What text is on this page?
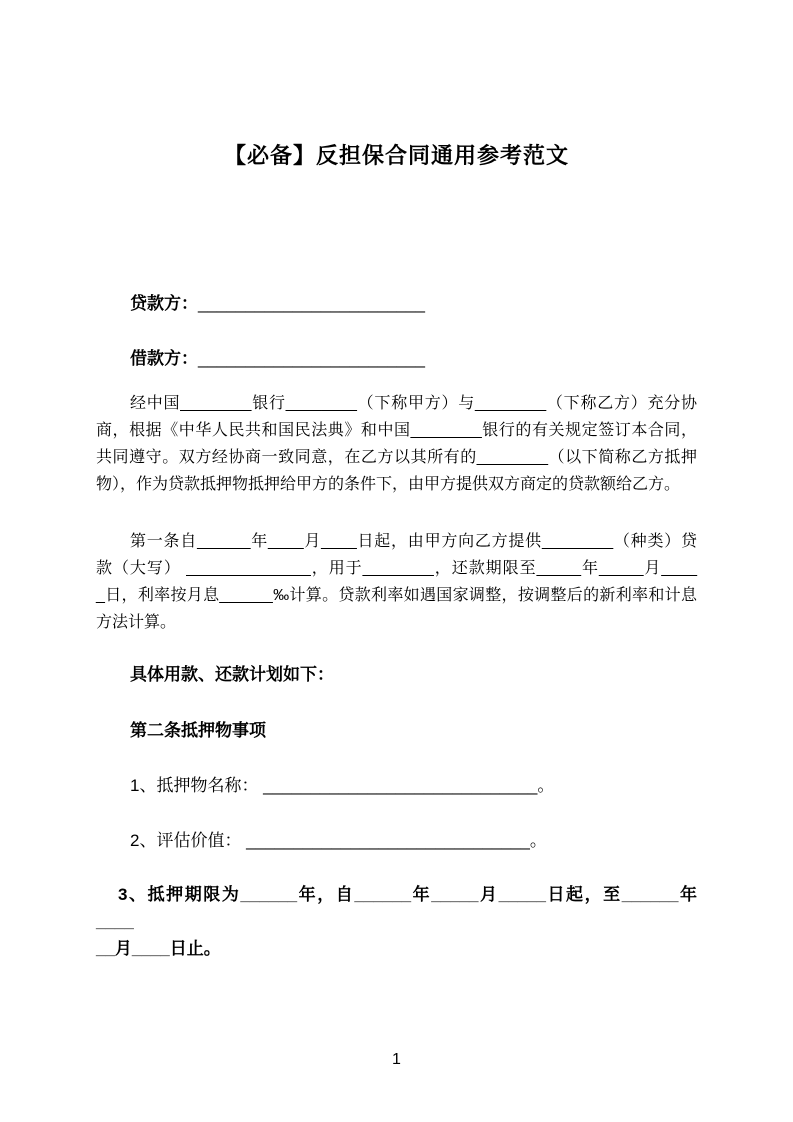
【必备】反担保合同通用参考范文
贷款方：________________________
借款方：________________________
经中国________银行________（下称甲方）与________（下称乙方）充分协
商，根据《中华人民共和国民法典》和中国________银行的有关规定签订本合同，
共同遵守。双方经协商一致同意，在乙方以其所有的________（以下简称乙方抵押
物），作为贷款抵押物抵押给甲方的条件下，由甲方提供双方商定的贷款额给乙方。
第一条自______年____月____日起，由甲方向乙方提供________（种类）贷
款（大写） ______________，用于________，还款期限至_____年_____月____
_日，利率按月息______‰计算。贷款利率如遇国家调整，按调整后的新利率和计息
方法计算。
具体用款、还款计划如下：
第二条抵押物事项
1、抵押物名称： _____________________________。
2、评估价值： ______________________________。
3、抵押期限为______年，自______年_____月_____日起，至______年____
__月____日止。
1
